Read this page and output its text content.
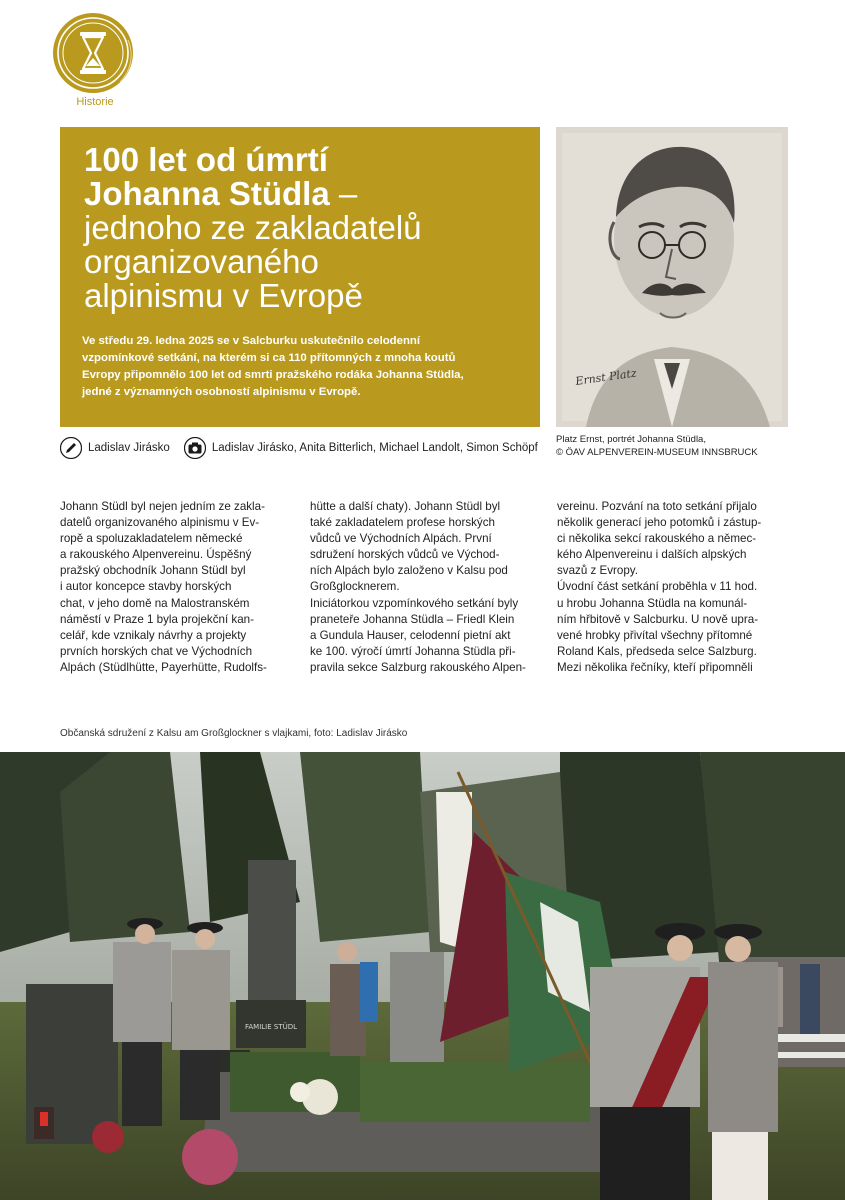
Historie
100 let od úmrtí
Johanna Stüdla –
jednoho ze zakladatelů
organizovaného
alpinismu v Evropě
Ve středu 29. ledna 2025 se v Salcburku uskutečnilo celodenní
vzpomínkové setkání, na kterém si ca 110 přítomných z mnoha koutů
Evropy připomnělo 100 let od smrti pražského rodáka Johanna Stüdla,
jedné z významných osobností alpinismu v Evropě.
Ernst Platz
Platz Ernst, portrét Johanna Stüdla,
© ÖAV ALPENVEREIN-MUSEUM INNSBRUCK
Ladislav Jirásko	Ladislav Jirásko, Anita Bitterlich, Michael Landolt, Simon Schöpf
Johann Stüdl byl nejen jedním ze zakla-
datelů organizovaného alpinismu v Ev-
ropě a spoluzakladatelem německé
a rakouského Alpenvereinu. Úspěšný
pražský obchodník Johann Stüdl byl
i autor koncepce stavby horských
chat, v jeho domě na Malostranském
náměstí v Praze 1 byla projekční kan-
celář, kde vznikaly návrhy a projekty
prvních horských chat ve Východních
Alpách (Stüdlhütte, Payerhütte, Rudolfs-
hütte a další chaty). Johann Stüdl byl
také zakladatelem profese horských
vůdců ve Východních Alpách. První
sdružení horských vůdců ve Východ-
ních Alpách bylo založeno v Kalsu pod
Großglocknerem.
Iniciátorkou vzpomínkového setkání byly
praneteře Johanna Stüdla – Friedl Klein
a Gundula Hauser, celodenní pietní akt
ke 100. výročí úmrtí Johanna Stüdla při-
pravila sekce Salzburg rakouského Alpen-
vereinu. Pozvání na toto setkání přijalo
několik generací jeho potomků i zástup-
ci několika sekcí rakouského a němec-
kého Alpenvereinu i dalších alpských
svazů z Evropy.
Úvodní část setkání proběhla v 11 hod.
u hrobu Johanna Stüdla na komunál-
ním hřbitově v Salcburku. U nově upra-
vené hrobky přivítal všechny přítomné
Roland Kals, předseda selce Salzburg.
Mezi několika řečníky, kteří připomněli
Občanská sdružení z Kalsu am Großglockner s vlajkami, foto: Ladislav Jirásko
FAMILIE STÜDL
